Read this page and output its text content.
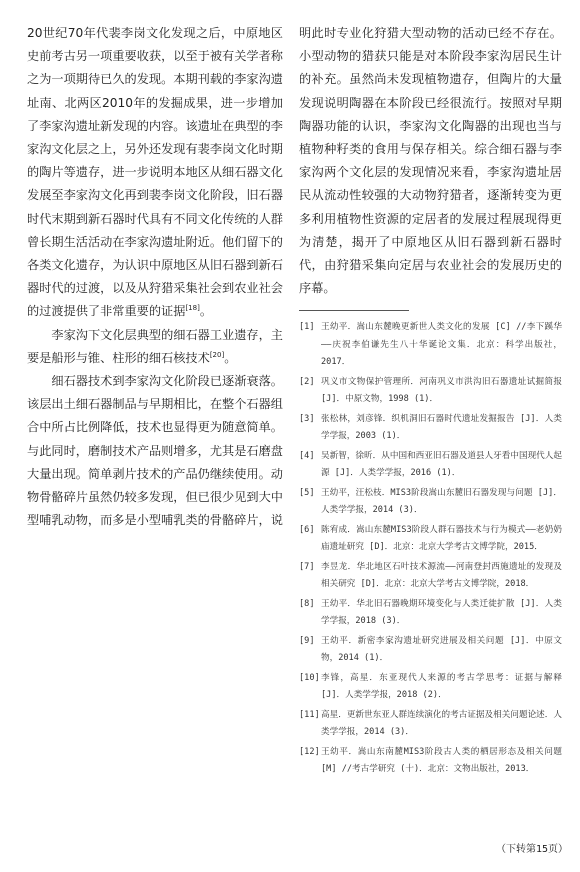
20世纪70年代裴李岗文化发现之后，中原地区史前考古另一项重要收获，以至于被有关学者称之为一项期待已久的发现。本期刊载的李家沟遗址南、北两区2010年的发掘成果，进一步增加了李家沟遗址新发现的内容。该遗址在典型的李家沟文化层之上，另外还发现有裴李岗文化时期的陶片等遗存，进一步说明本地区从细石器文化发展至李家沟文化再到裴李岗文化阶段，旧石器时代末期到新石器时代具有不同文化传统的人群曾长期生活活动在李家沟遗址附近。他们留下的各类文化遗存，为认识中原地区从旧石器到新石器时代的过渡，以及从狩猎采集社会到农业社会的过渡提供了非常重要的证据[18]。

李家沟下文化层典型的细石器工业遗存，主要是船形与锥、柱形的细石核技术[20]。

细石器技术到李家沟文化阶段已逐渐衰落。该层出土细石器制品与早期相比，在整个石器组合中所占比例降低，技术也显得更为随意简单。与此同时，磨制技术产品则增多，尤其是石磨盘大量出现。简单剥片技术的产品仍继续使用。动物骨骼碎片虽然仍较多发现，但已很少见到大中型哺乳动物，而多是小型哺乳类的骨骼碎片，说

明此时专业化狩猎大型动物的活动已经不存在。小型动物的猎获只能是对本阶段李家沟居民生计的补充。虽然尚未发现植物遗存，但陶片的大量发现说明陶器在本阶段已经很流行。按照对早期陶器功能的认识，李家沟文化陶器的出现也当与植物种籽类的食用与保存相关。综合细石器与李家沟两个文化层的发现情况来看，李家沟遗址居民从流动性较强的大动物狩猎者，逐渐转变为更多利用植物性资源的定居者的发展过程展现得更为清楚，揭开了中原地区从旧石器到新石器时代，由狩猎采集向定居与农业社会的发展历史的序幕。

[1] 王幼平．嵩山东麓晚更新世人类文化的发展 [C] //李下蹊华——庆祝李伯谦先生八十华诞论文集．北京：科学出版社，2017．
[2] 巩义市文物保护管理所．河南巩义市洪沟旧石器遗址试掘简报 [J]．中原文物，1998 (1)．
[3] 张松林，刘彦锋．织机洞旧石器时代遗址发掘报告 [J]．人类学学报，2003 (1)．
[4] 吴新智，徐昕．从中国和西亚旧石器及道县人牙看中国现代人起源 [J]．人类学学报，2016 (1)．
[5] 王幼平，汪松枝．MIS3阶段嵩山东麓旧石器发现与问题 [J]．人类学学报，2014 (3)．
[6] 陈宥成．嵩山东麓MIS3阶段人群石器技术与行为模式——老奶奶庙遗址研究 [D]．北京：北京大学考古文博学院，2015．
[7] 李昱龙．华北地区石叶技术源流——河南登封西施遗址的发现及相关研究 [D]．北京：北京大学考古文博学院，2018．
[8] 王幼平．华北旧石器晚期环境变化与人类迁徙扩散 [J]．人类学学报，2018 (3)．
[9] 王幼平．新密李家沟遗址研究进展及相关问题 [J]．中原文物，2014 (1)．
[10] 李锋，高星．东亚现代人来源的考古学思考：证据与解释 [J]．人类学学报，2018 (2)．
[11] 高星．更新世东亚人群连续演化的考古证据及相关问题论述．人类学学报，2014 (3)．
[12] 王幼平．嵩山东南麓MIS3阶段古人类的栖居形态及相关问题 [M] //考古学研究 (十)．北京：文物出版社，2013．
（下转第15页）
